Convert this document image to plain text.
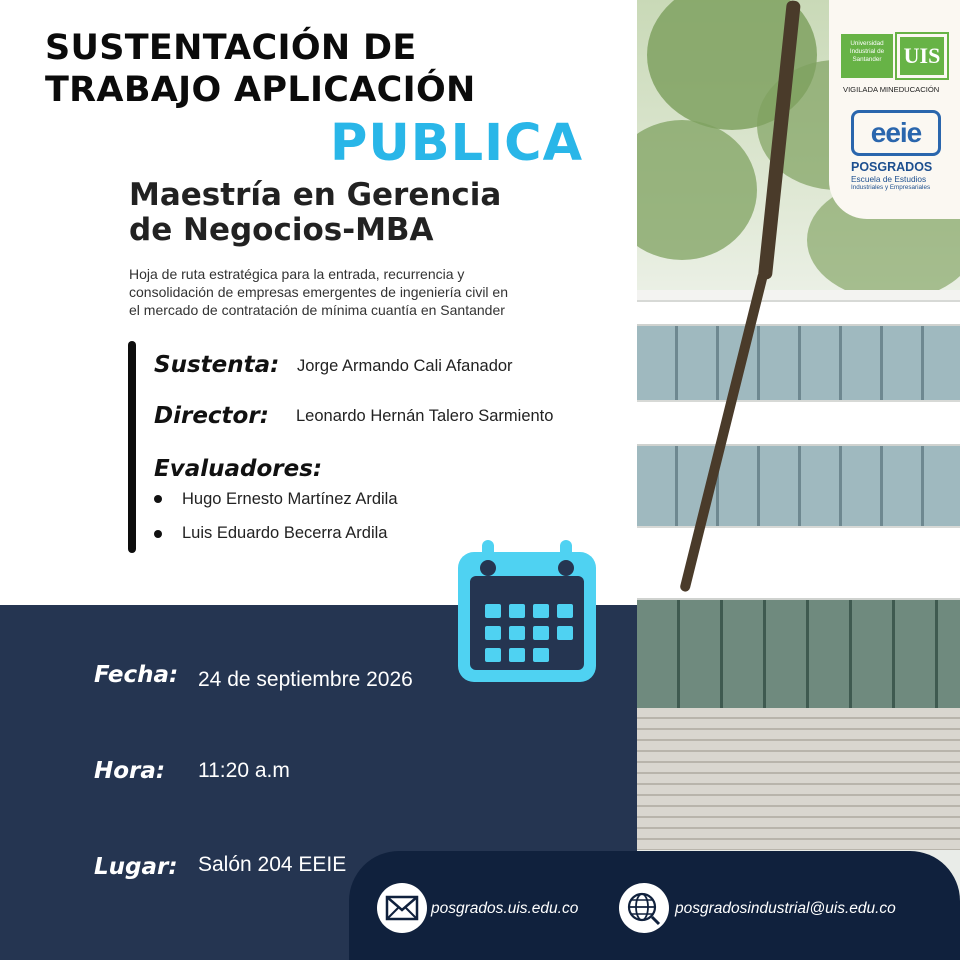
Universidad Industrial de Santander	UIS
VIGILADA MINEDUCACIÓN
eeie
POSGRADOS
Escuela de Estudios
Industriales y Empresariales
SUSTENTACIÓN DE
TRABAJO APLICACIÓN
PUBLICA
Maestría en Gerencia
de Negocios-MBA
Hoja de ruta estratégica para la entrada, recurrencia y
consolidación de empresas emergentes de ingeniería civil en
el mercado de contratación de mínima cuantía en Santander
Sustenta: Jorge Armando Cali Afanador
Director: Leonardo Hernán Talero Sarmiento
Evaluadores:
Hugo Ernesto Martínez Ardila
Luis Eduardo Becerra Ardila
Fecha: 24 de septiembre 2026
Hora: 11:20 a.m
Lugar: Salón 204 EEIE
posgrados.uis.edu.co	posgradosindustrial@uis.edu.co
